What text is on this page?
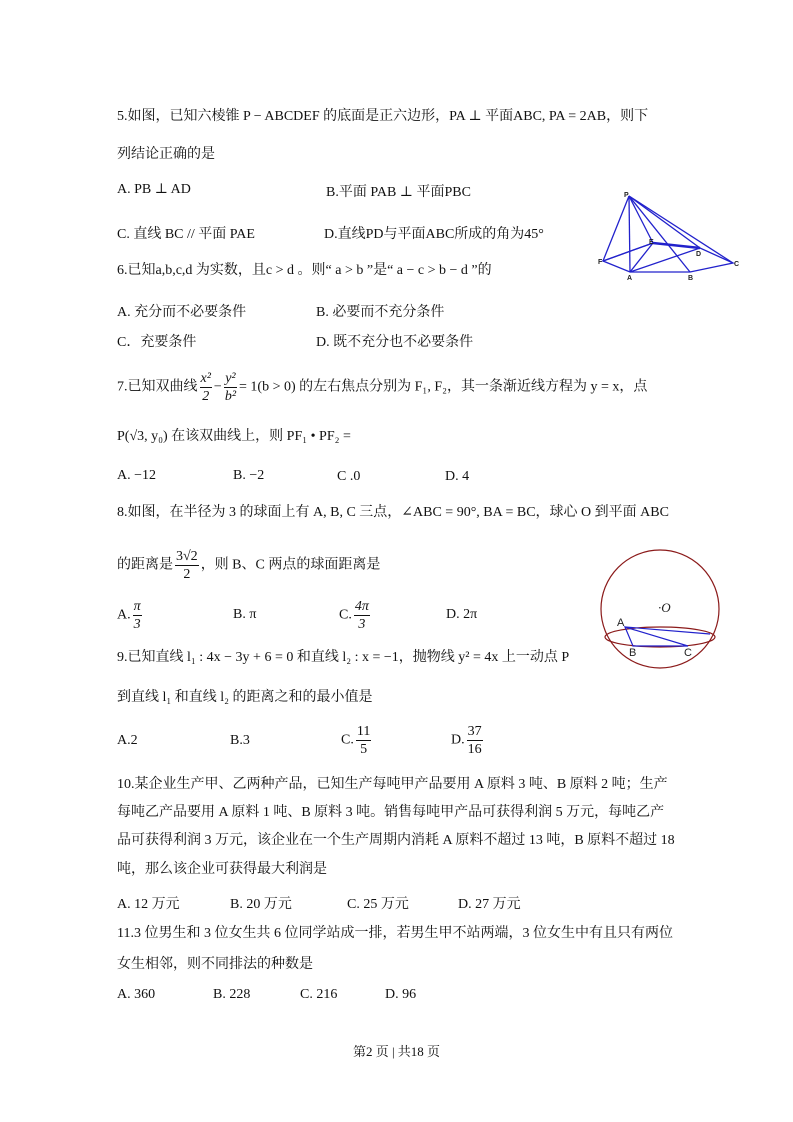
5.如图，已知六棱锥 P − ABCDEF 的底面是正六边形，PA ⊥ 平面ABC, PA = 2AB，则下
列结论正确的是
A. PB ⊥ AD	B.平面 PAB ⊥ 平面PBC
C. 直线 BC // 平面 PAE	D.直线PD与平面ABC所成的角为45°
P
E
D
C
F
A	B
·O
A
B	C
6.已知a,b,c,d 为实数，且c > d 。则“ a > b ”是“ a − c > b − d ”的
A. 充分而不必要条件	B. 必要而不充分条件
C．充要条件	D. 既不充分也不必要条件
7.已知双曲线 $\frac{\text{x²}}{2} - \frac{\text{y²}}{\text{b²}} = 1(b > 0)$ 的左右焦点分别为 F₁, F₂，其一条渐近线方程为 y = x，点
P(√3, y₀) 在该双曲线上，则 PF₁ • PF₂ =
A. −12	B. −2	C .0	D. 4
8.如图，在半径为 3 的球面上有 A, B, C 三点，∠ABC = 90°, BA = BC，球心 O 到平面 ABC
的距离是 $\frac{3√2}{2}$ ，则 B、C 两点的球面距离是
A. $\frac{\pi}{3}$	B. π	C. $\frac{4\pi}{3}$	D. 2π
9.已知直线 l₁ : 4x − 3y + 6 = 0 和直线 l₂ : x = −1，抛物线 y² = 4x 上一动点 P
到直线 l₁ 和直线 l₂ 的距离之和的最小值是
A.2	B.3	C. $\frac{11}{5}$	D. $\frac{37}{16}$
10.某企业生产甲、乙两种产品，已知生产每吨甲产品要用 A 原料 3 吨、B 原料 2 吨；生产
每吨乙产品要用 A 原料 1 吨、B 原料 3 吨。销售每吨甲产品可获得利润 5 万元，每吨乙产
品可获得利润 3 万元，该企业在一个生产周期内消耗 A 原料不超过 13 吨，B 原料不超过 18
吨，那么该企业可获得最大利润是
A. 12 万元	B. 20 万元	C. 25 万元	D. 27 万元
11.3 位男生和 3 位女生共 6 位同学站成一排，若男生甲不站两端，3 位女生中有且只有两位
女生相邻，则不同排法的种数是
A. 360	B. 228	C. 216	D. 96
第2 页 | 共18 页
